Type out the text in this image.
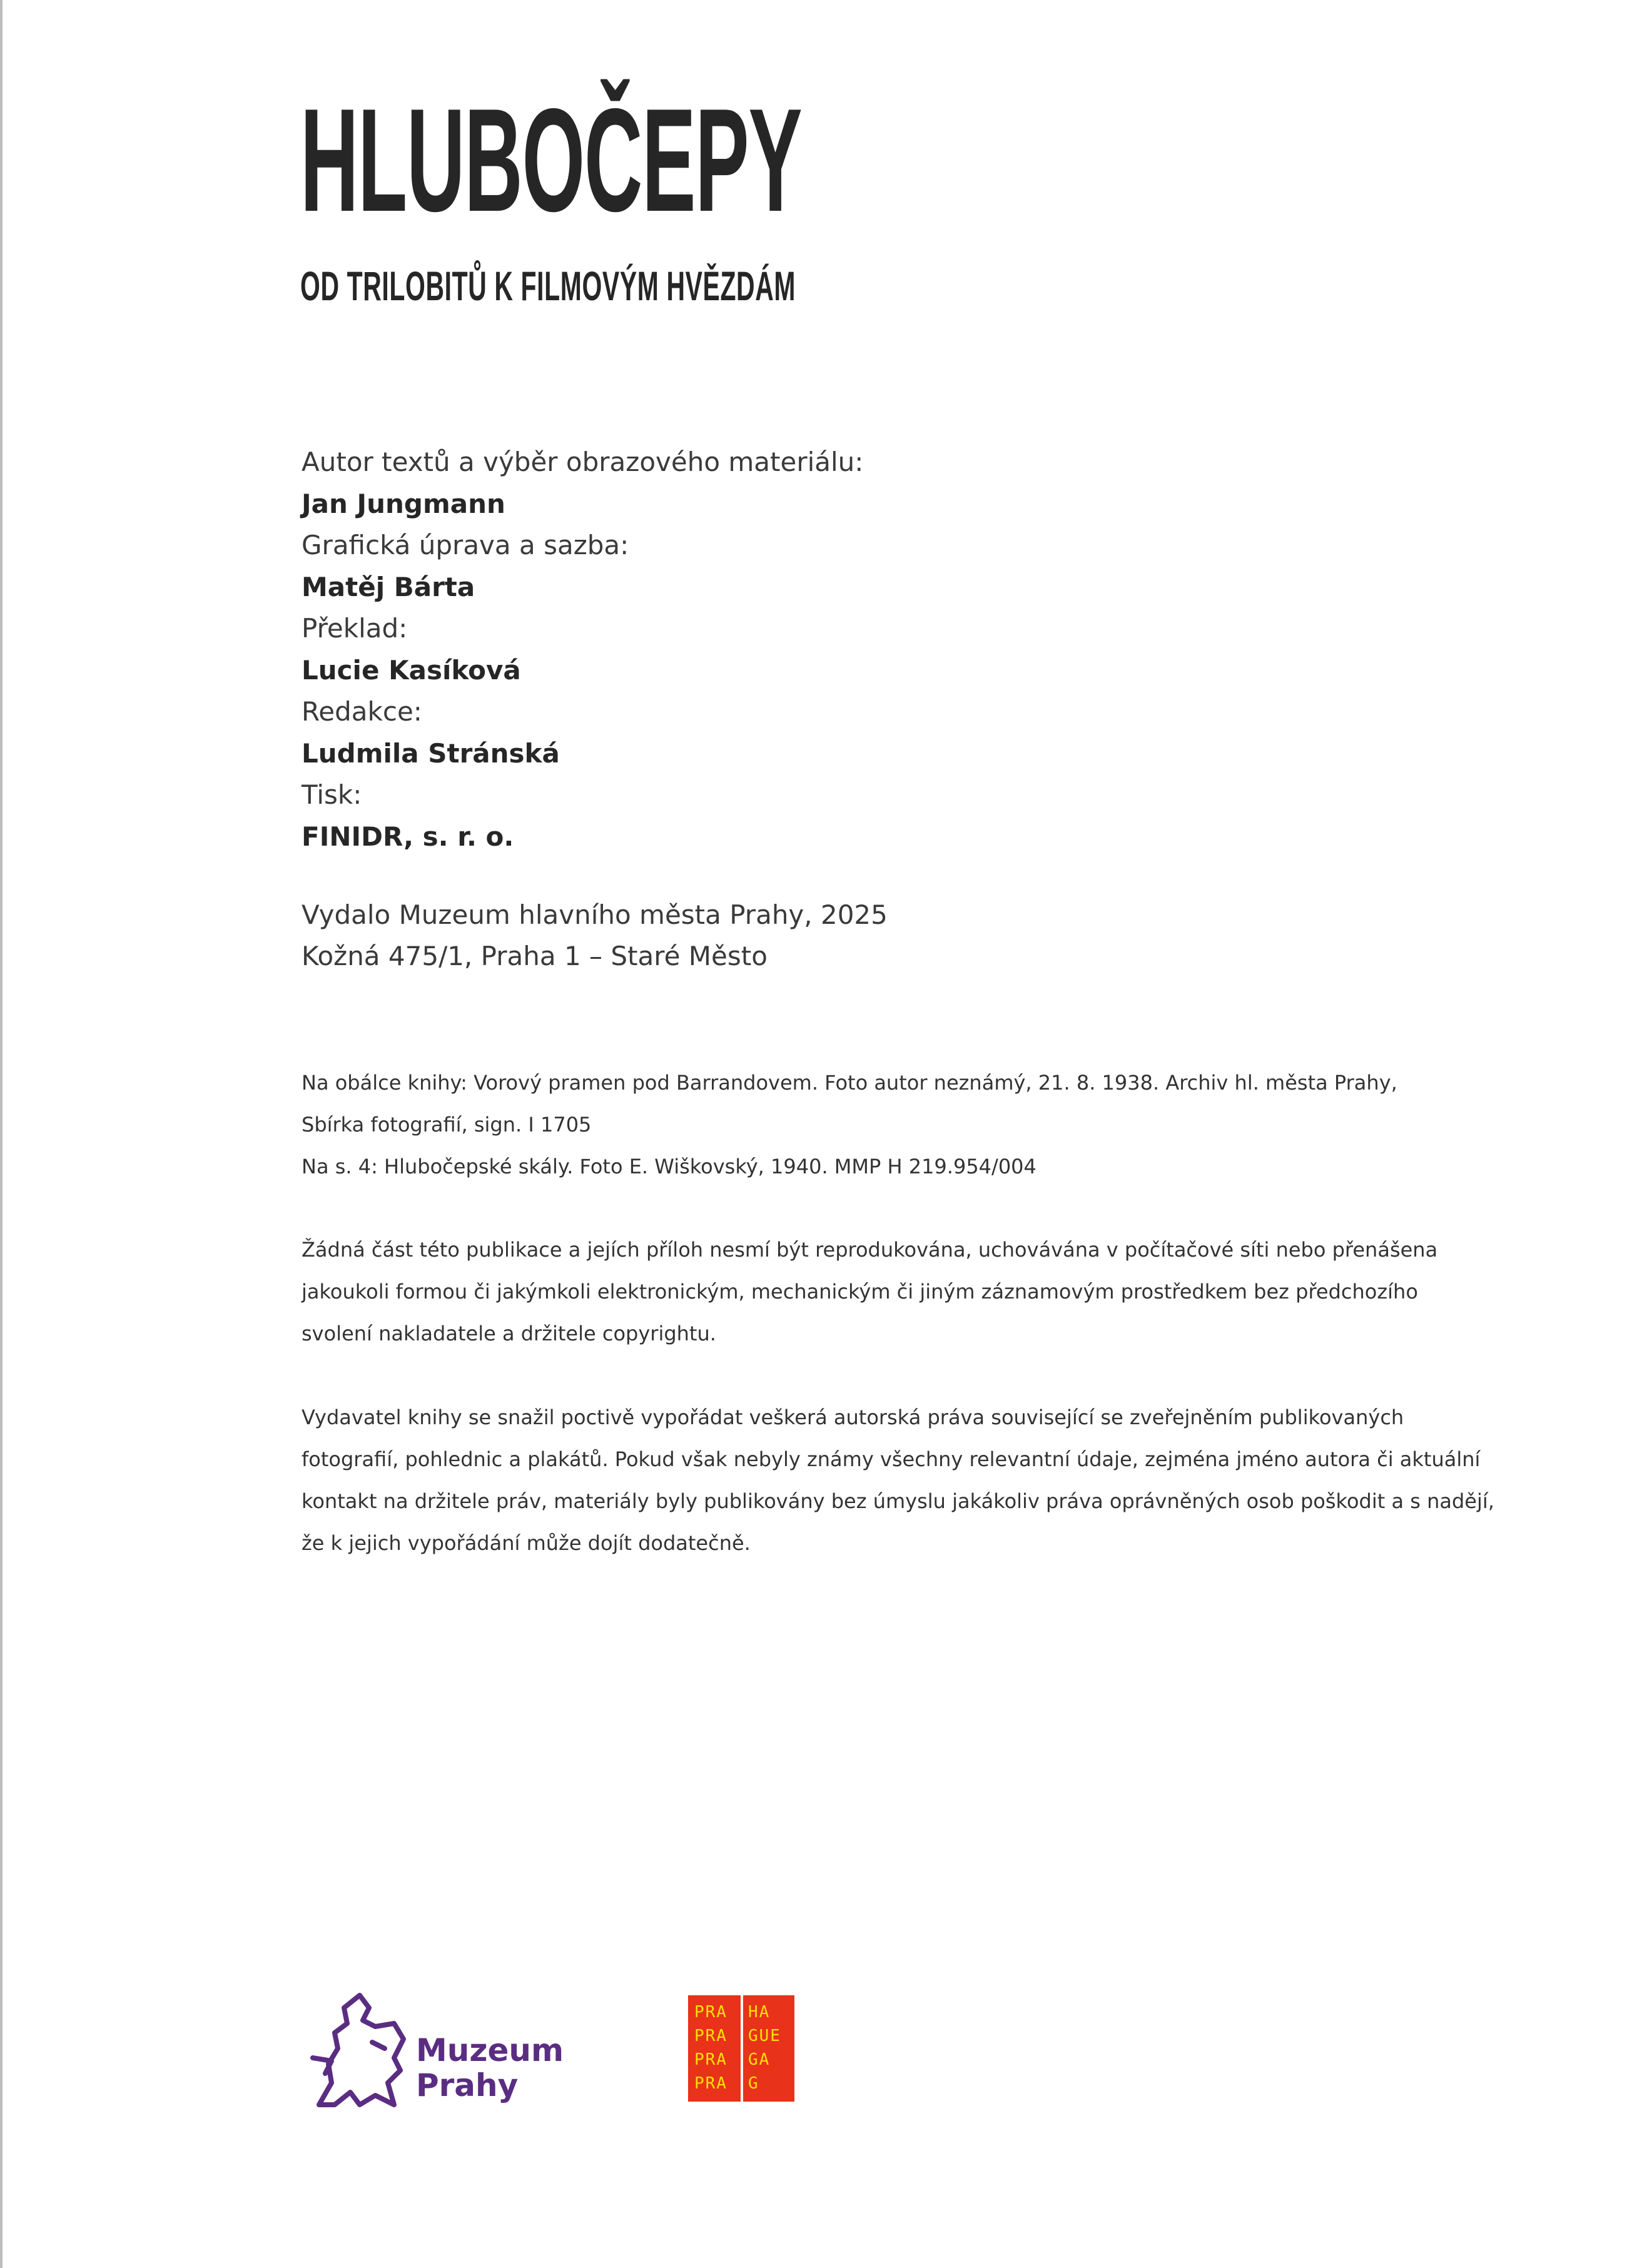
HLUBOČEPY
OD TRILOBITŮ K FILMOVÝM HVĚZDÁM
Autor textů a výběr obrazového materiálu:
Jan Jungmann
Grafická úprava a sazba:
Matěj Bárta
Překlad:
Lucie Kasíková
Redakce:
Ludmila Stránská
Tisk:
FINIDR, s. r. o.
Vydalo Muzeum hlavního města Prahy, 2025
Kožná 475/1, Praha 1 – Staré Město
Na obálce knihy: Vorový pramen pod Barrandovem. Foto autor neznámý, 21. 8. 1938. Archiv hl. města Prahy,
Sbírka fotografií, sign. I 1705
Na s. 4: Hlubočepské skály. Foto E. Wiškovský, 1940. MMP H 219.954/004
Žádná část této publikace a jejích příloh nesmí být reprodukována, uchovávána v počítačové síti nebo přenášena
jakoukoli formou či jakýmkoli elektronickým, mechanickým či jiným záznamovým prostředkem bez předchozího
svolení nakladatele a držitele copyrightu.
Vydavatel knihy se snažil poctivě vypořádat veškerá autorská práva související se zveřejněním publikovaných
fotografií, pohlednic a plakátů. Pokud však nebyly známy všechny relevantní údaje, zejména jméno autora či aktuální
kontakt na držitele práv, materiály byly publikovány bez úmyslu jakákoliv práva oprávněných osob poškodit a s nadějí,
že k jejich vypořádání může dojít dodatečně.
Muzeum
Prahy
PRA HA
PRA GUE
PRA GA
PRA G
